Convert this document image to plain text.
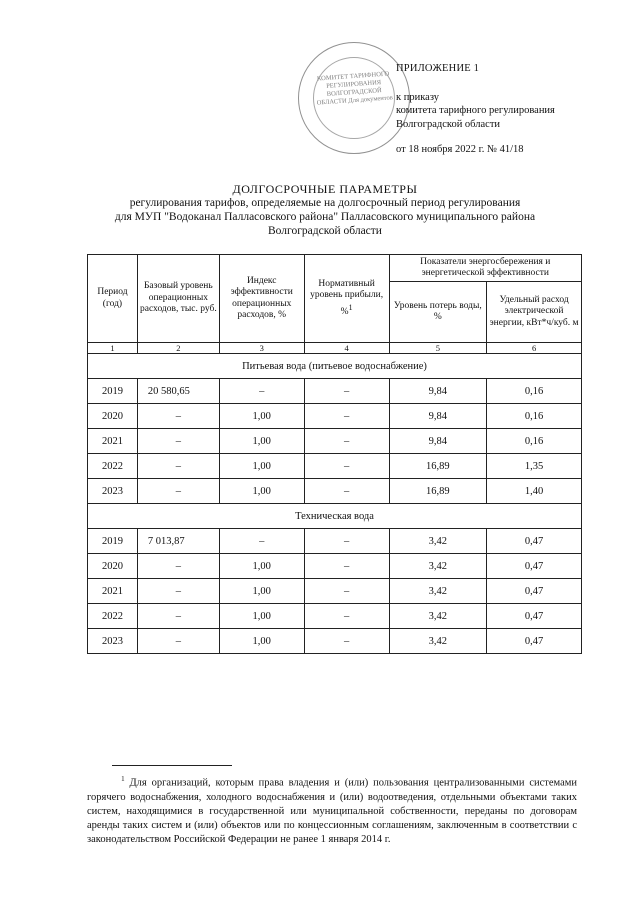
КОМИТЕТ ТАРИФНОГО РЕГУЛИРОВАНИЯ ВОЛГОГРАДСКОЙ ОБЛАСТИ Для документов
ПРИЛОЖЕНИЕ 1
к приказу
комитета тарифного регулирования
Волгоградской области
от 18 ноября 2022 г. № 41/18
ДОЛГОСРОЧНЫЕ ПАРАМЕТРЫ
регулирования тарифов, определяемые на долгосрочный период регулирования
для МУП "Водоканал Палласовского района" Палласовского муниципального района
Волгоградской области
Период (год)	Базовый уровень операционных расходов, тыс. руб.	Индекс эффективности операционных расходов, %	Нормативный уровень прибыли, %$^1$	Показатели энергосбережения и энергетической эффективности	
				Уровень потерь воды, %	Удельный расход электрической энергии, кВт*ч/куб. м
1	2	3	4	5	6
Питьевая вода (питьевое водоснабжение)					
2019	20 580,65	–	–	9,84	0,16
2020	–	1,00	–	9,84	0,16
2021	–	1,00	–	9,84	0,16
2022	–	1,00	–	16,89	1,35
2023	–	1,00	–	16,89	1,40
Техническая вода					
2019	7 013,87	–	–	3,42	0,47
2020	–	1,00	–	3,42	0,47
2021	–	1,00	–	3,42	0,47
2022	–	1,00	–	3,42	0,47
2023	–	1,00	–	3,42	0,47
$^1$ Для организаций, которым права владения и (или) пользования централизованными системами горячего водоснабжения, холодного водоснабжения и (или) водоотведения, отдельными объектами таких систем, находящимися в государственной или муниципальной собственности, переданы по договорам аренды таких систем и (или) объектов или по концессионным соглашениям, заключенным в соответствии с законодательством Российской Федерации не ранее 1 января 2014 г.
